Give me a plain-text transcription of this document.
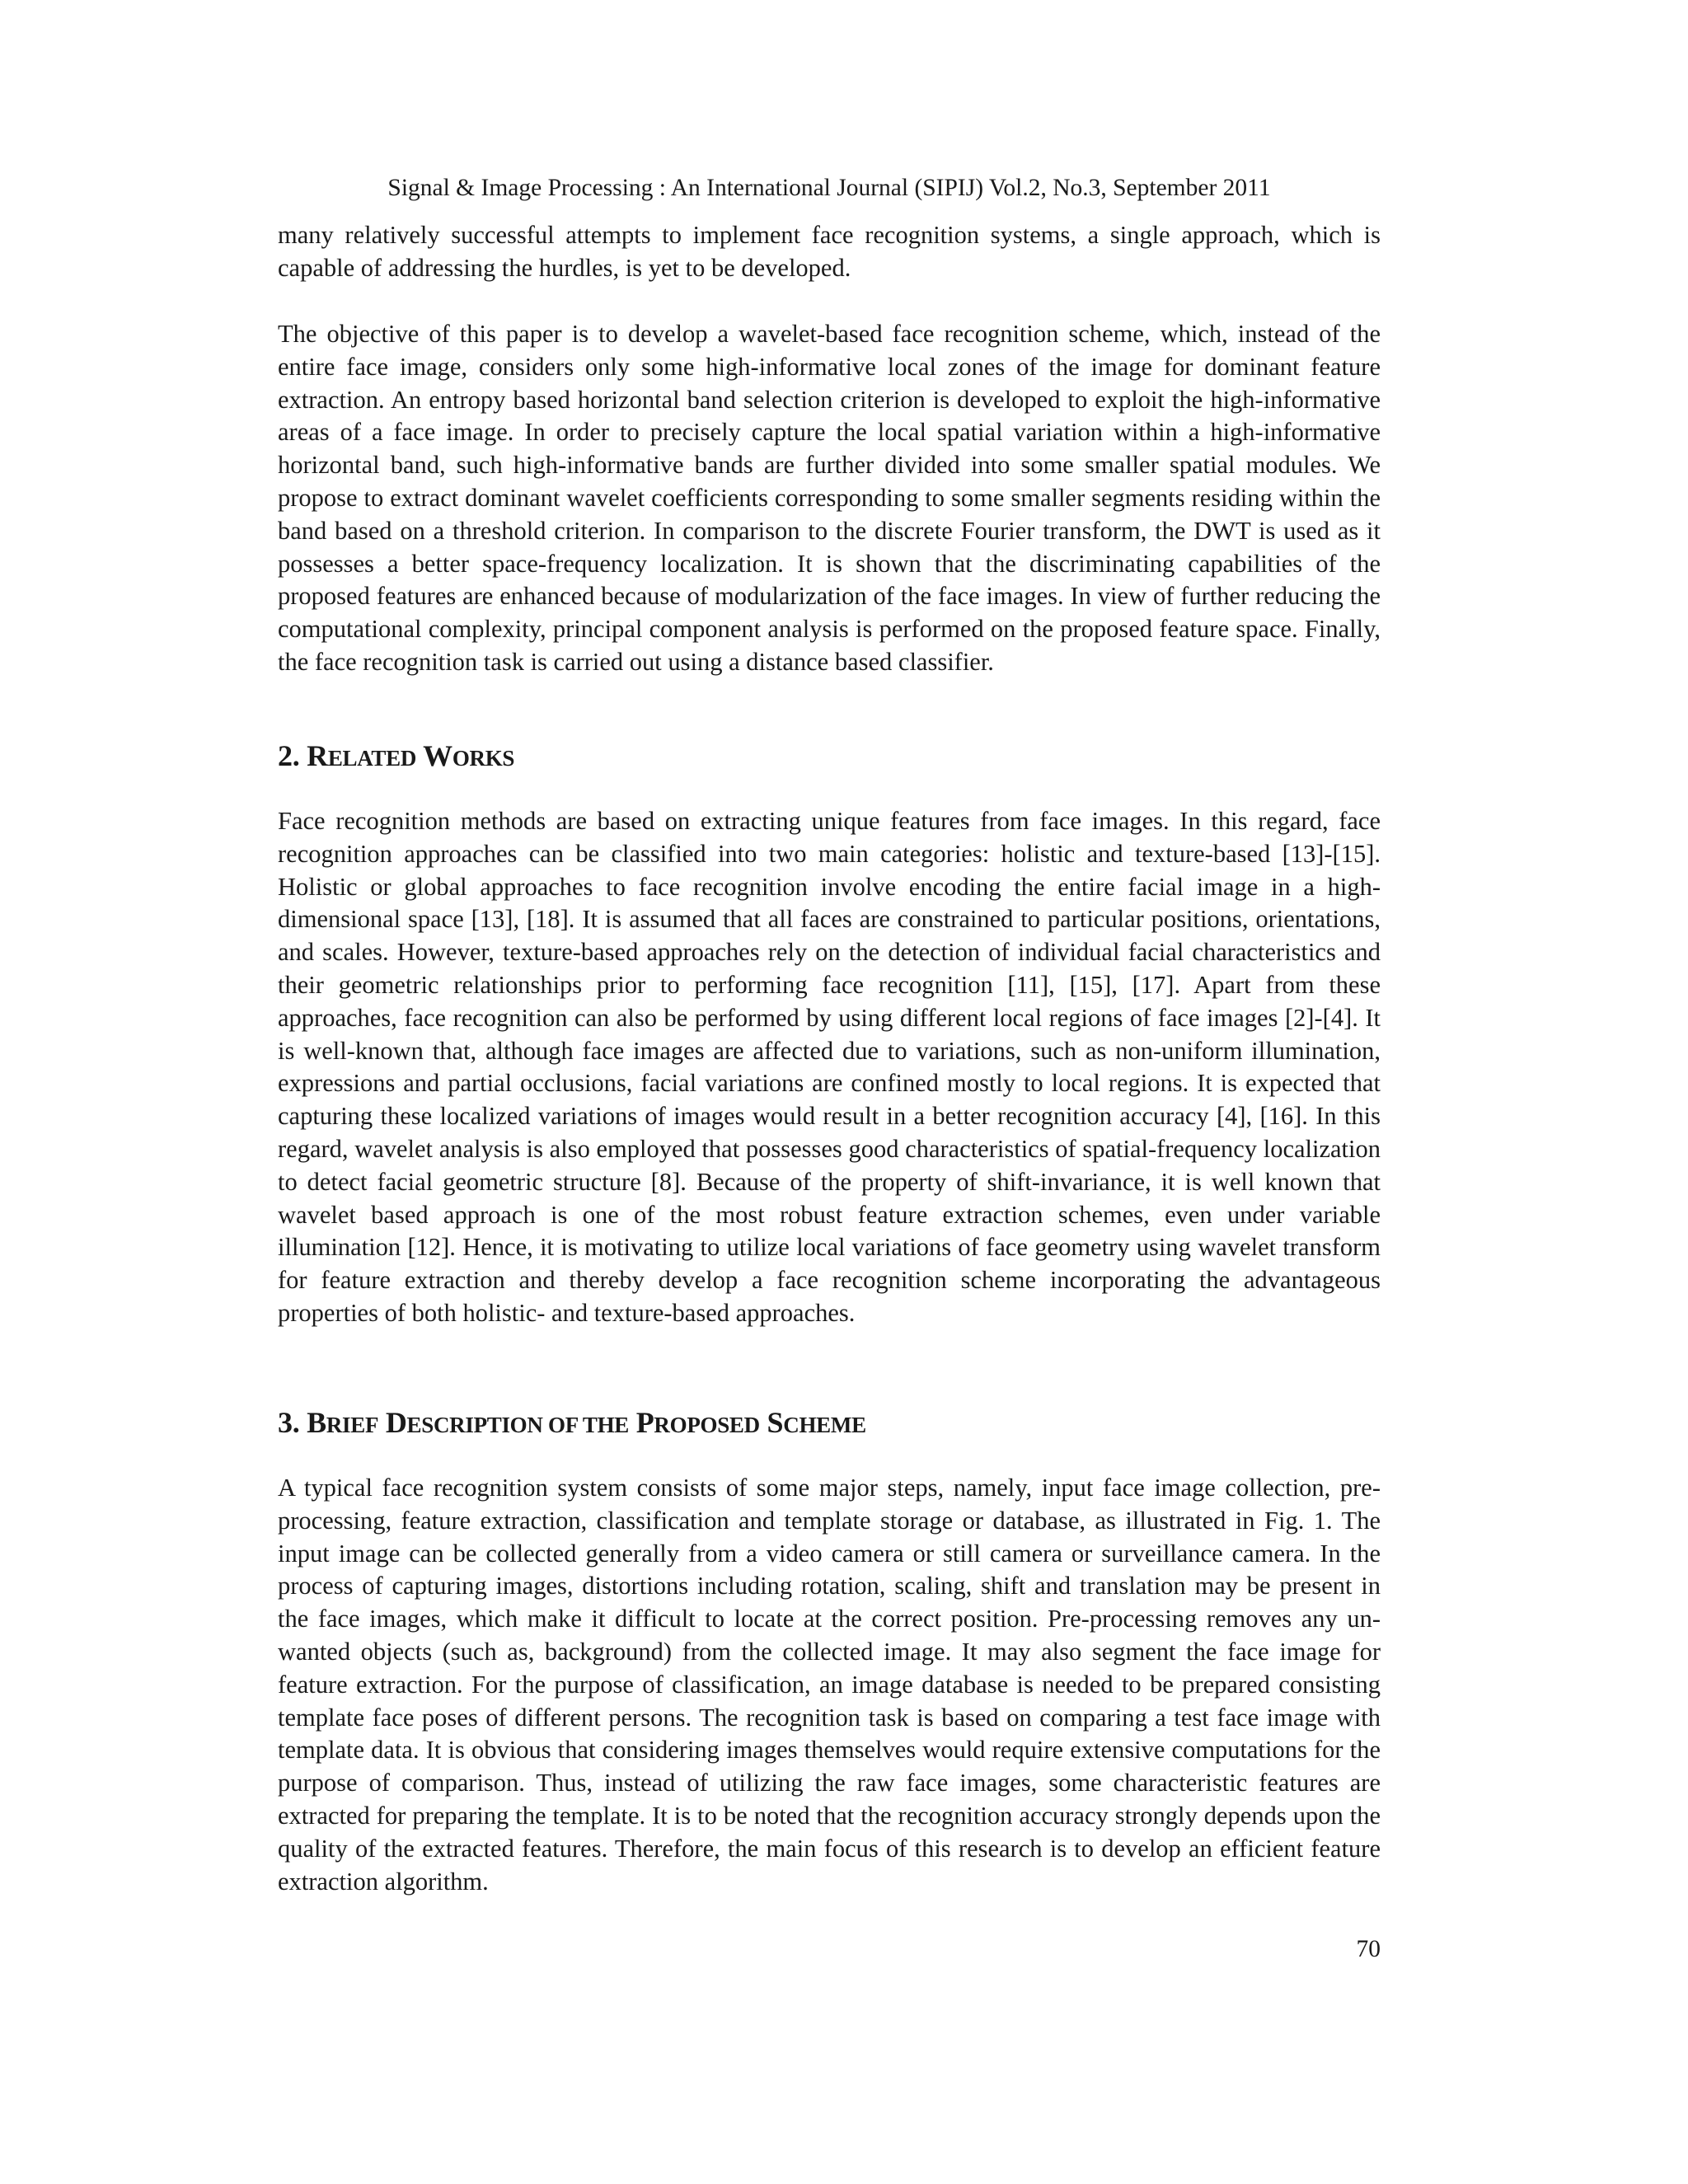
Signal & Image Processing : An International Journal (SIPIJ) Vol.2, No.3, September 2011

many relatively successful attempts to implement face recognition systems, a single approach, which is capable of addressing the hurdles, is yet to be developed.

The objective of this paper is to develop a wavelet-based face recognition scheme, which, instead of the entire face image, considers only some high-informative local zones of the image for dominant feature extraction. An entropy based horizontal band selection criterion is developed to exploit the high-informative areas of a face image. In order to precisely capture the local spatial variation within a high-informative horizontal band, such high-informative bands are further divided into some smaller spatial modules. We propose to extract dominant wavelet coefficients corresponding to some smaller segments residing within the band based on a threshold criterion. In comparison to the discrete Fourier transform, the DWT is used as it possesses a better space-frequency localization. It is shown that the discriminating capabilities of the proposed features are enhanced because of modularization of the face images. In view of further reducing the computational complexity, principal component analysis is performed on the proposed feature space. Finally, the face recognition task is carried out using a distance based classifier.

2. RELATED WORKS

Face recognition methods are based on extracting unique features from face images. In this regard, face recognition approaches can be classified into two main categories: holistic and texture-based [13]-[15]. Holistic or global approaches to face recognition involve encoding the entire facial image in a high-dimensional space [13], [18]. It is assumed that all faces are constrained to particular positions, orientations, and scales. However, texture-based approaches rely on the detection of individual facial characteristics and their geometric relationships prior to performing face recognition [11], [15], [17]. Apart from these approaches, face recognition can also be performed by using different local regions of face images [2]-[4]. It is well-known that, although face images are affected due to variations, such as non-uniform illumination, expressions and partial occlusions, facial variations are confined mostly to local regions. It is expected that capturing these localized variations of images would result in a better recognition accuracy [4], [16]. In this regard, wavelet analysis is also employed that possesses good characteristics of spatial-frequency localization to detect facial geometric structure [8]. Because of the property of shift-invariance, it is well known that wavelet based approach is one of the most robust feature extraction schemes, even under variable illumination [12]. Hence, it is motivating to utilize local variations of face geometry using wavelet transform for feature extraction and thereby develop a face recognition scheme incorporating the advantageous properties of both holistic- and texture-based approaches.

3. BRIEF DESCRIPTION OF THE PROPOSED SCHEME

A typical face recognition system consists of some major steps, namely, input face image collection, pre-processing, feature extraction, classification and template storage or database, as illustrated in Fig. 1. The input image can be collected generally from a video camera or still camera or surveillance camera. In the process of capturing images, distortions including rotation, scaling, shift and translation may be present in the face images, which make it difficult to locate at the correct position. Pre-processing removes any un-wanted objects (such as, background) from the collected image. It may also segment the face image for feature extraction. For the purpose of classification, an image database is needed to be prepared consisting template face poses of different persons. The recognition task is based on comparing a test face image with template data. It is obvious that considering images themselves would require extensive computations for the purpose of comparison. Thus, instead of utilizing the raw face images, some characteristic features are extracted for preparing the template. It is to be noted that the recognition accuracy strongly depends upon the quality of the extracted features. Therefore, the main focus of this research is to develop an efficient feature extraction algorithm.

70
